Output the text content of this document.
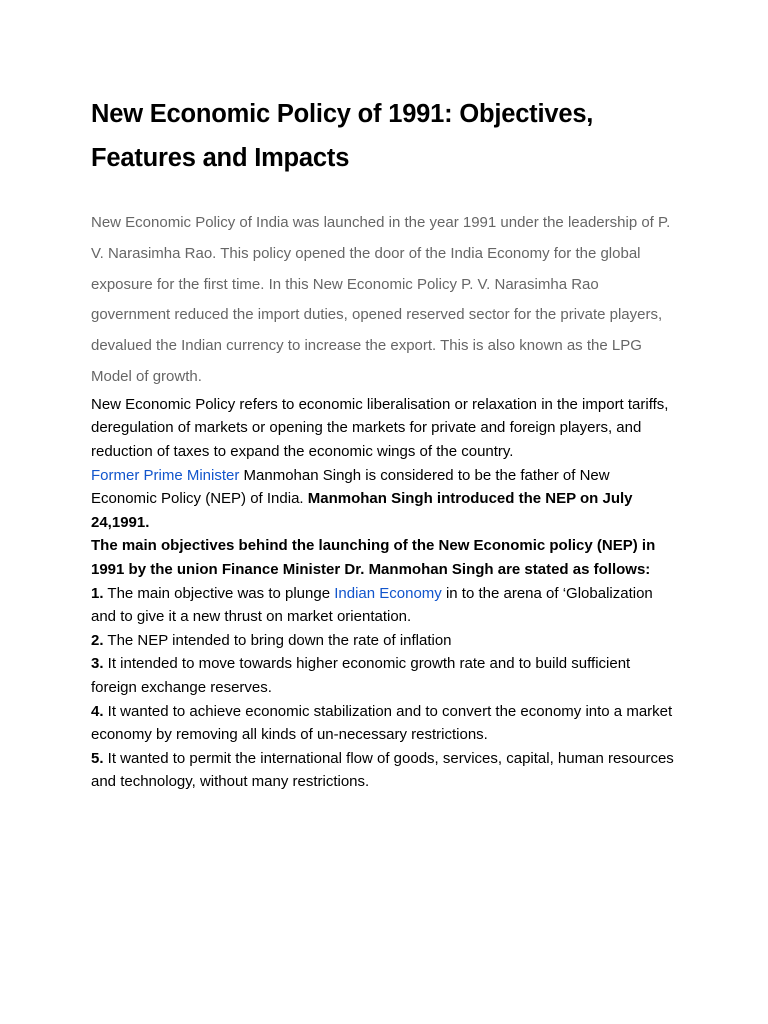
New Economic Policy of 1991: Objectives, Features and Impacts

New Economic Policy of India was launched in the year 1991 under the leadership of P. V. Narasimha Rao. This policy opened the door of the India Economy for the global exposure for the first time. In this New Economic Policy P. V. Narasimha Rao government reduced the import duties, opened reserved sector for the private players, devalued the Indian currency to increase the export. This is also known as the LPG Model of growth.

New Economic Policy refers to economic liberalisation or relaxation in the import tariffs, deregulation of markets or opening the markets for private and foreign players, and reduction of taxes to expand the economic wings of the country.

Former Prime Minister Manmohan Singh is considered to be the father of New Economic Policy (NEP) of India. Manmohan Singh introduced the NEP on July 24,1991.

The main objectives behind the launching of the New Economic policy (NEP) in 1991 by the union Finance Minister Dr. Manmohan Singh are stated as follows:

1. The main objective was to plunge Indian Economy in to the arena of ‘Globalization and to give it a new thrust on market orientation.

2. The NEP intended to bring down the rate of inflation

3. It intended to move towards higher economic growth rate and to build sufficient foreign exchange reserves.

4. It wanted to achieve economic stabilization and to convert the economy into a market economy by removing all kinds of un-necessary restrictions.

5. It wanted to permit the international flow of goods, services, capital, human resources and technology, without many restrictions.
